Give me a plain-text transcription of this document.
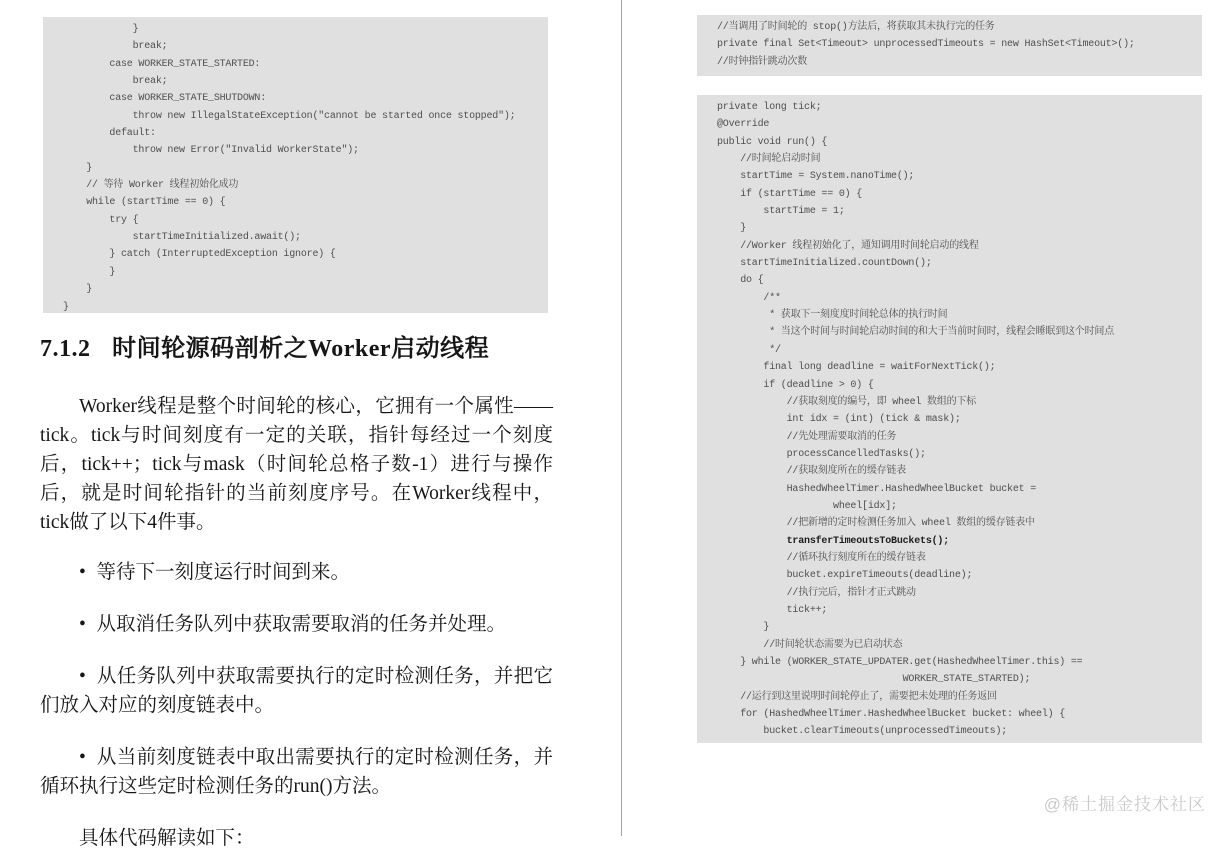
}
break;
case WORKER_STATE_STARTED:
break;
case WORKER_STATE_SHUTDOWN:
throw new IllegalStateException("cannot be started once stopped");
default:
throw new Error("Invalid WorkerState");
}
// 等待 Worker 线程初始化成功
while (startTime == 0) {
try {
startTimeInitialized.await();
} catch (InterruptedException ignore) {
}
}
}
7.1.2 时间轮源码剖析之Worker启动线程

Worker线程是整个时间轮的核心，它拥有一个属性——tick。tick与时间刻度有一定的关联，指针每经过一个刻度后，tick++；tick与mask（时间轮总格子数-1）进行与操作后，就是时间轮指针的当前刻度序号。在Worker线程中，tick做了以下4件事。

• 等待下一刻度运行时间到来。

• 从取消任务队列中获取需要取消的任务并处理。

• 从任务队列中获取需要执行的定时检测任务，并把它们放入对应的刻度链表中。

• 从当前刻度链表中取出需要执行的定时检测任务，并循环执行这些定时检测任务的run()方法。

具体代码解读如下：

//当调用了时间轮的 stop()方法后，将获取其未执行完的任务
private final Set<Timeout> unprocessedTimeouts = new HashSet<Timeout>();
//时钟指针跳动次数
private long tick;
@Override
public void run() {
//时间轮启动时间
startTime = System.nanoTime();
if (startTime == 0) {
startTime = 1;
}
//Worker 线程初始化了，通知调用时间轮启动的线程
startTimeInitialized.countDown();
do {
/**
* 获取下一刻度度时间轮总体的执行时间
* 当这个时间与时间轮启动时间的和大于当前时间时，线程会睡眠到这个时间点
*/
final long deadline = waitForNextTick();
if (deadline > 0) {
//获取刻度的编号，即 wheel 数组的下标
int idx = (int) (tick & mask);
//先处理需要取消的任务
processCancelledTasks();
//获取刻度所在的缓存链表
HashedWheelTimer.HashedWheelBucket bucket =
wheel[idx];
//把新增的定时检测任务加入 wheel 数组的缓存链表中
transferTimeoutsToBuckets();
//循环执行刻度所在的缓存链表
bucket.expireTimeouts(deadline);
//执行完后，指针才正式跳动
tick++;
}
//时间轮状态需要为已启动状态
} while (WORKER_STATE_UPDATER.get(HashedWheelTimer.this) ==
WORKER_STATE_STARTED);
//运行到这里说明时间轮停止了，需要把未处理的任务返回
for (HashedWheelTimer.HashedWheelBucket bucket: wheel) {
bucket.clearTimeouts(unprocessedTimeouts);
@稀土掘金技术社区
